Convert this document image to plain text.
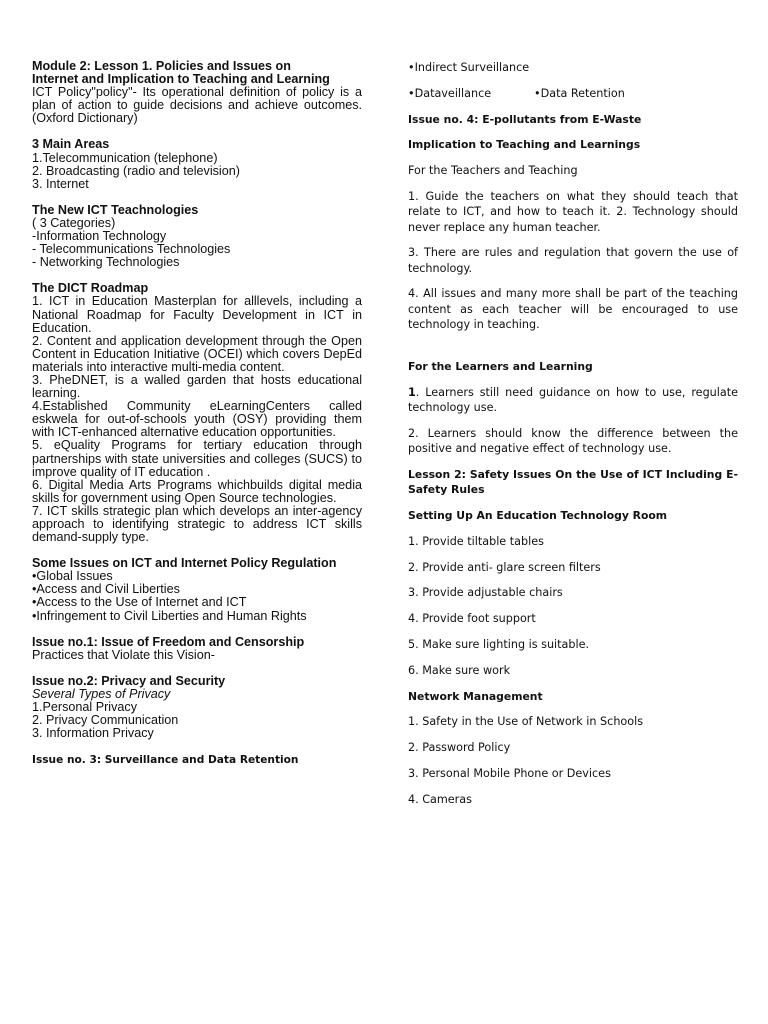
Module 2: Lesson 1. Policies and Issues on

Internet and Implication to Teaching and Learning

ICT Policy"policy"- Its operational definition of policy is a plan of action to guide decisions and achieve outcomes. (Oxford Dictionary)

3 Main Areas

1.Telecommunication (telephone)

2. Broadcasting (radio and television)

3. Internet

The New ICT Teachnologies

( 3 Categories)

-Information Technology

- Telecommunications Technologies

- Networking Technologies

The DICT Roadmap

1. ICT in Education Masterplan for alllevels, including a National Roadmap for Faculty Development in ICT in Education.

2. Content and application development through the Open Content in Education Initiative (OCEI) which covers DepEd materials into interactive multi-media content.

3. PheDNET, is a walled garden that hosts educational learning.

4.Established Community eLearningCenters called eskwela for out-of-schools youth (OSY) providing them with ICT-enhanced alternative education opportunities.

5. eQuality Programs for tertiary education through partnerships with state universities and colleges (SUCS) to improve quality of IT education .

6. Digital Media Arts Programs whichbuilds digital media skills for government using Open Source technologies.

7. ICT skills strategic plan which develops an inter-agency approach to identifying strategic to address ICT skills demand-supply type.

Some Issues on ICT and Internet Policy Regulation

•Global Issues

•Access and Civil Liberties

•Access to the Use of Internet and ICT

•Infringement to Civil Liberties and Human Rights

Issue no.1: Issue of Freedom and Censorship

Practices that Violate this Vision-

Issue no.2: Privacy and Security

Several Types of Privacy

1.Personal Privacy

2. Privacy Communication

3. Information Privacy

Issue no. 3: Surveillance and Data Retention

•Indirect Surveillance

•Dataveillance	•Data Retention

Issue no. 4: E-pollutants from E-Waste

Implication to Teaching and Learnings

For the Teachers and Teaching

1. Guide the teachers on what they should teach that relate to ICT, and how to teach it. 2. Technology should never replace any human teacher.

3. There are rules and regulation that govern the use of technology.

4. All issues and many more shall be part of the teaching content as each teacher will be encouraged to use technology in teaching.

For the Learners and Learning

1. Learners still need guidance on how to use, regulate technology use.

2. Learners should know the difference between the positive and negative effect of technology use.

Lesson 2: Safety Issues On the Use of ICT Including E-Safety Rules

Setting Up An Education Technology Room

1. Provide tiltable tables

2. Provide anti- glare screen filters

3. Provide adjustable chairs

4. Provide foot support

5. Make sure lighting is suitable.

6. Make sure work

Network Management

1. Safety in the Use of Network in Schools

2. Password Policy

3. Personal Mobile Phone or Devices

4. Cameras
